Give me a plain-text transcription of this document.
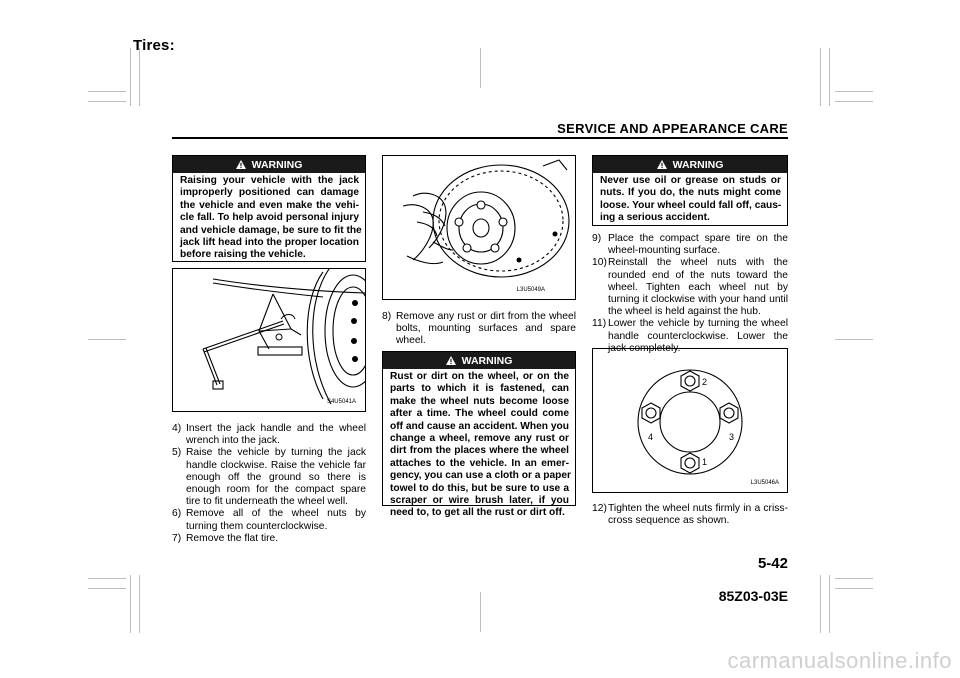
Tires:
SERVICE AND APPEARANCE CARE
WARNING
Raising your vehicle with the jack
improperly positioned can damage
the vehicle and even make the vehi-
cle fall. To help avoid personal injury
and vehicle damage, be sure to fit the
jack lift head into the proper location
before raising the vehicle.
S4U5041A
4) Insert the jack handle and the wheel wrench into the jack.
5) Raise the vehicle by turning the jack handle clockwise. Raise the vehicle far enough off the ground so there is enough room for the compact spare tire to fit underneath the wheel well.
6) Remove all of the wheel nuts by turning them counterclockwise.
7) Remove the flat tire.
L3U5049A
8) Remove any rust or dirt from the wheel bolts, mounting surfaces and spare wheel.
WARNING
Rust or dirt on the wheel, or on the
parts to which it is fastened, can
make the wheel nuts become loose
after a time. The wheel could come
off and cause an accident. When you
change a wheel, remove any rust or
dirt from the places where the wheel
attaches to the vehicle. In an emer-
gency, you can use a cloth or a paper
towel to do this, but be sure to use a
scraper or wire brush later, if you
need to, to get all the rust or dirt off.
WARNING
Never use oil or grease on studs or
nuts. If you do, the nuts might come
loose. Your wheel could fall off, caus-
ing a serious accident.
9) Place the compact spare tire on the wheel-mounting surface.
10) Reinstall the wheel nuts with the rounded end of the nuts toward the wheel. Tighten each wheel nut by turning it clockwise with your hand until the wheel is held against the hub.
11) Lower the vehicle by turning the wheel handle counterclockwise. Lower the jack completely.
2
3
1
4
L3U5046A
12) Tighten the wheel nuts firmly in a criss-cross sequence as shown.
5-42
85Z03-03E
carmanualsonline.info
